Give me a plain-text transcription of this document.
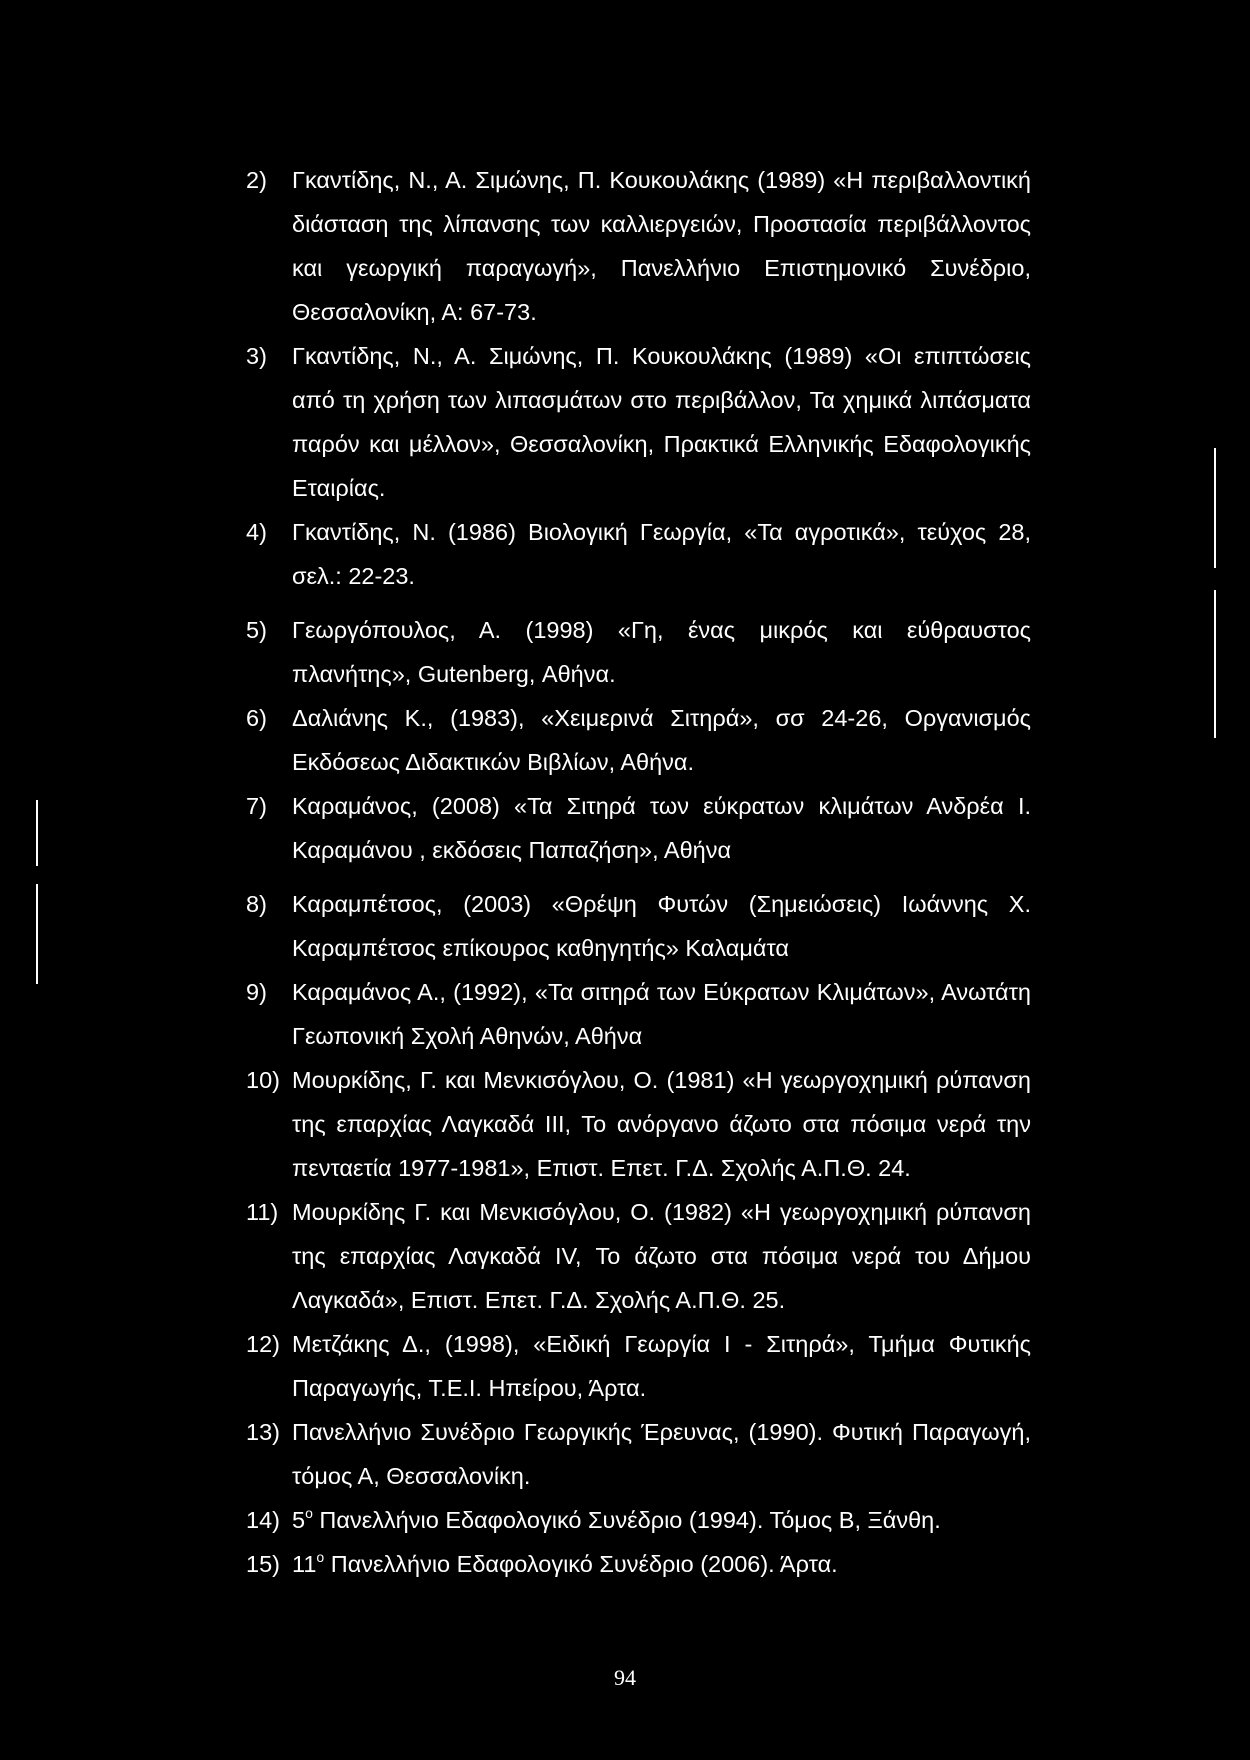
2)	Γκαντίδης, Ν., Α. Σιμώνης, Π. Κουκουλάκης (1989) «Η περιβαλλοντική διάσταση της λίπανσης των καλλιεργειών, Προστασία περιβάλλοντος και γεωργική παραγωγή», Πανελλήνιο Επιστημονικό Συνέδριο, Θεσσαλονίκη, Α: 67-73.
3)	Γκαντίδης, Ν., Α. Σιμώνης, Π. Κουκουλάκης (1989) «Οι επιπτώσεις από τη χρήση των λιπασμάτων στο περιβάλλον, Τα χημικά λιπάσματα παρόν και μέλλον», Θεσσαλονίκη, Πρακτικά Ελληνικής Εδαφολογικής Εταιρίας.
4)	Γκαντίδης, Ν. (1986) Βιολογική Γεωργία, «Τα αγροτικά», τεύχος 28, σελ.: 22-23.
5)	Γεωργόπουλος, Α. (1998) «Γη, ένας μικρός και εύθραυστος πλανήτης», Gutenberg, Αθήνα.
6)	Δαλιάνης Κ., (1983), «Χειμερινά Σιτηρά», σσ 24-26, Οργανισμός Εκδόσεως Διδακτικών Βιβλίων, Αθήνα.
7)	Καραμάνος, (2008) «Τα Σιτηρά των εύκρατων κλιμάτων Ανδρέα Ι. Καραμάνου , εκδόσεις Παπαζήση», Αθήνα
8)	Καραμπέτσος, (2003) «Θρέψη Φυτών (Σημειώσεις) Ιωάννης Χ. Καραμπέτσος επίκουρος καθηγητής» Καλαμάτα
9)	Καραμάνος Α., (1992), «Τα σιτηρά των Εύκρατων Κλιμάτων», Ανωτάτη Γεωπονική Σχολή Αθηνών, Αθήνα
10) Μουρκίδης, Γ. και Μενκισόγλου, Ο. (1981) «Η γεωργοχημική ρύπανση της επαρχίας Λαγκαδά ΙΙΙ, Το ανόργανο άζωτο στα πόσιμα νερά την πενταετία 1977-1981», Επιστ. Επετ. Γ.Δ. Σχολής Α.Π.Θ. 24.
11) Μουρκίδης Γ. και Μενκισόγλου, Ο. (1982) «Η γεωργοχημική ρύπανση της επαρχίας Λαγκαδά IV, Το άζωτο στα πόσιμα νερά του Δήμου Λαγκαδά», Επιστ. Επετ. Γ.Δ. Σχολής Α.Π.Θ. 25.
12) Μετζάκης Δ., (1998), «Ειδική Γεωργία Ι - Σιτηρά», Τμήμα Φυτικής Παραγωγής, Τ.Ε.Ι. Ηπείρου, Άρτα.
13) Πανελλήνιο Συνέδριο Γεωργικής Έρευνας, (1990). Φυτική Παραγωγή, τόμος Α, Θεσσαλονίκη.
14) $5^o$ Πανελλήνιο Εδαφολογικό Συνέδριο (1994). Τόμος Β, Ξάνθη.
15) $11^o$ Πανελλήνιο Εδαφολογικό Συνέδριο (2006). Άρτα.
94
